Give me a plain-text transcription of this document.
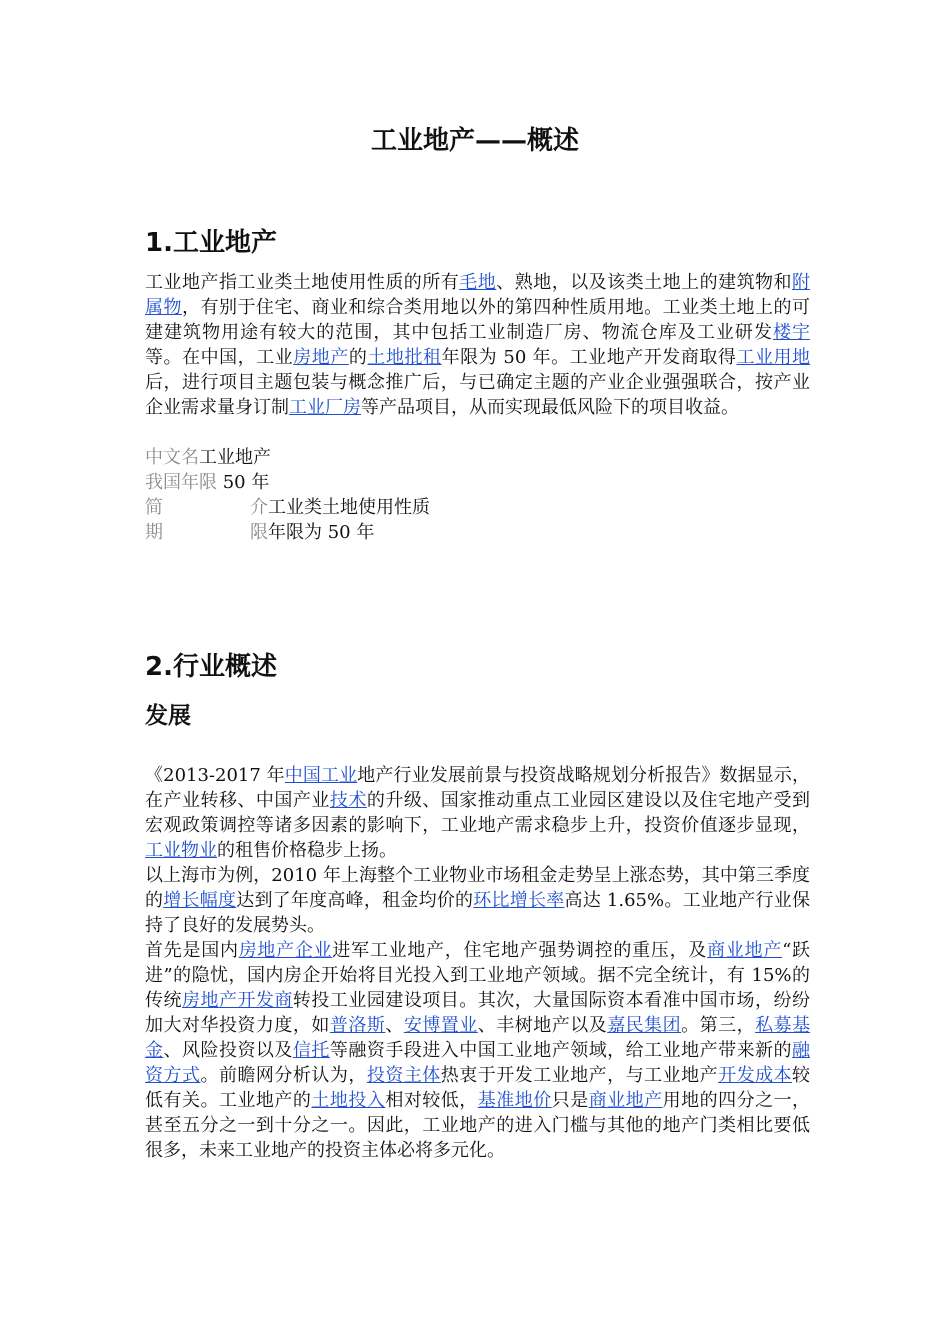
工业地产——概述
1.工业地产
工业地产指工业类土地使用性质的所有毛地、熟地，以及该类土地上的建筑物和附属物，有别于住宅、商业和综合类用地以外的第四种性质用地。工业类土地上的可建建筑物用途有较大的范围，其中包括工业制造厂房、物流仓库及工业研发楼宇等。在中国，工业房地产的土地批租年限为 50 年。工业地产开发商取得工业用地后，进行项目主题包装与概念推广后，与已确定主题的产业企业强强联合，按产业企业需求量身订制工业厂房等产品项目，从而实现最低风险下的项目收益。
中文名工业地产
我国年限 50 年
简	介工业类土地使用性质
期	限年限为 50 年
2.行业概述
发展
《2013-2017 年中国工业地产行业发展前景与投资战略规划分析报告》数据显示，在产业转移、中国产业技术的升级、国家推动重点工业园区建设以及住宅地产受到宏观政策调控等诸多因素的影响下，工业地产需求稳步上升，投资价值逐步显现，工业物业的租售价格稳步上扬。
以上海市为例，2010 年上海整个工业物业市场租金走势呈上涨态势，其中第三季度的增长幅度达到了年度高峰，租金均价的环比增长率高达 1.65%。工业地产行业保持了良好的发展势头。
首先是国内房地产企业进军工业地产，住宅地产强势调控的重压，及商业地产“跃进”的隐忧，国内房企开始将目光投入到工业地产领域。据不完全统计，有 15%的传统房地产开发商转投工业园建设项目。其次，大量国际资本看准中国市场，纷纷加大对华投资力度，如普洛斯、安博置业、丰树地产以及嘉民集团。第三，私募基金、风险投资以及信托等融资手段进入中国工业地产领域，给工业地产带来新的融资方式。前瞻网分析认为，投资主体热衷于开发工业地产，与工业地产开发成本较低有关。工业地产的土地投入相对较低，基准地价只是商业地产用地的四分之一，甚至五分之一到十分之一。因此，工业地产的进入门槛与其他的地产门类相比要低很多，未来工业地产的投资主体必将多元化。
